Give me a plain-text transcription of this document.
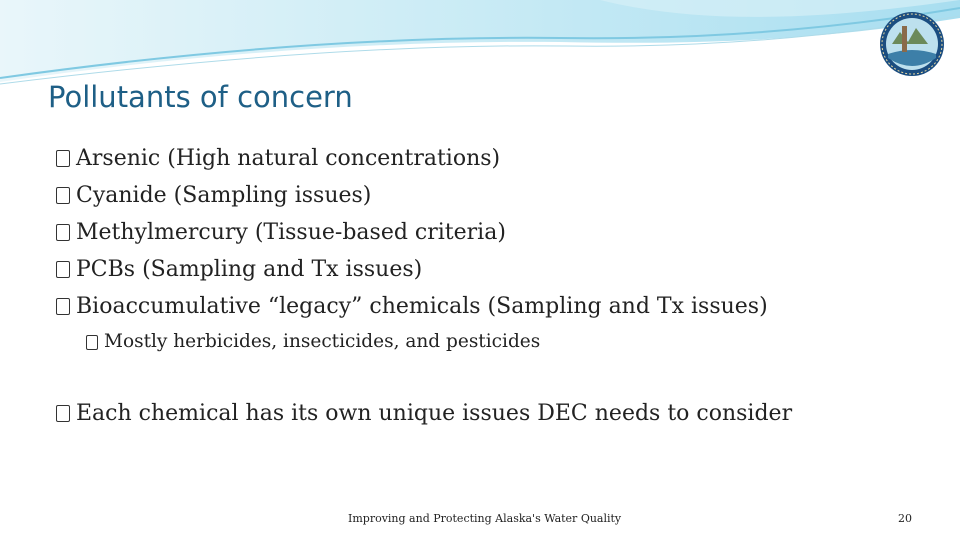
Pollutants of concern
Arsenic (High natural concentrations)
Cyanide (Sampling issues)
Methylmercury (Tissue-based criteria)
PCBs (Sampling and Tx issues)
Bioaccumulative “legacy” chemicals (Sampling and Tx issues)
Mostly herbicides, insecticides, and pesticides
Each chemical has its own unique issues DEC needs to consider
Improving and Protecting Alaska's Water Quality	20
